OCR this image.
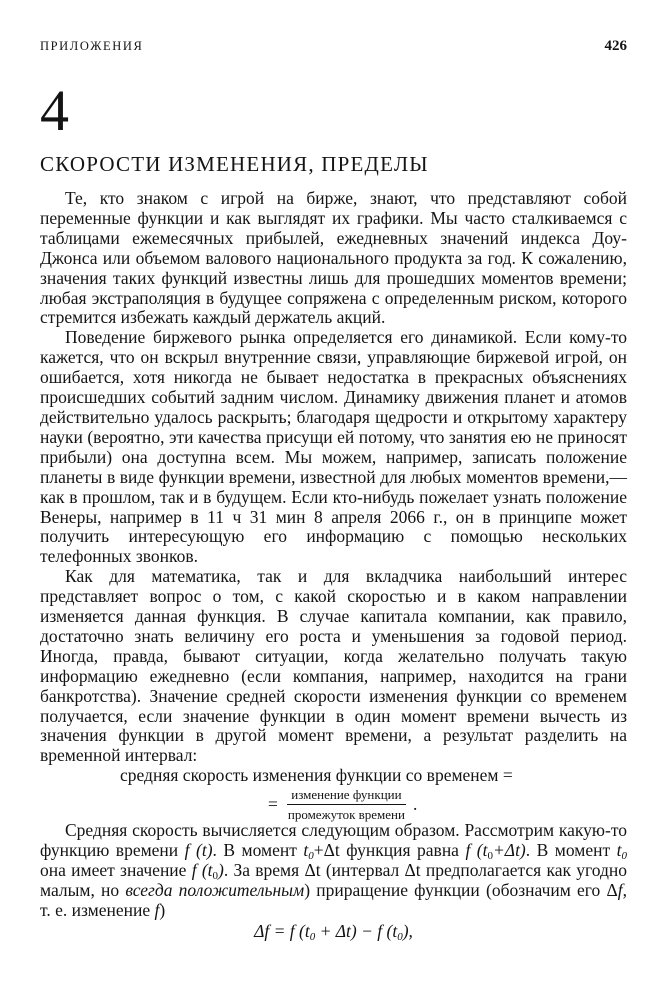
ПРИЛОЖЕНИЯ	426
4
СКОРОСТИ ИЗМЕНЕНИЯ, ПРЕДЕЛЫ

Те, кто знаком с игрой на бирже, знают, что представляют собой переменные функции и как выглядят их графики. Мы часто сталкиваемся с таблицами ежемесячных прибылей, ежедневных значений индекса Доу-Джонса или объемом валового национального продукта за год. К сожалению, значения таких функций известны лишь для прошедших моментов времени; любая экстраполяция в будущее сопряжена с определенным риском, которого стремится избежать каждый держатель акций.

Поведение биржевого рынка определяется его динамикой. Если кому-то кажется, что он вскрыл внутренние связи, управляющие биржевой игрой, он ошибается, хотя никогда не бывает недостатка в прекрасных объяснениях происшедших событий задним числом. Динамику движения планет и атомов действительно удалось раскрыть; благодаря щедрости и открытому характеру науки (вероятно, эти качества присущи ей потому, что занятия ею не приносят прибыли) она доступна всем. Мы можем, например, записать положение планеты в виде функции времени, известной для любых моментов времени,— как в прошлом, так и в будущем. Если кто-нибудь пожелает узнать положение Венеры, например в 11 ч 31 мин 8 апреля 2066 г., он в принципе может получить интересующую его информацию с помощью нескольких телефонных звонков.

Как для математика, так и для вкладчика наибольший интерес представляет вопрос о том, с какой скоростью и в каком направлении изменяется данная функция. В случае капитала компании, как правило, достаточно знать величину его роста и уменьшения за годовой период. Иногда, правда, бывают ситуации, когда желательно получать такую информацию ежедневно (если компания, например, находится на грани банкротства). Значение средней скорости изменения функции со временем получается, если значение функции в один момент времени вычесть из значения функции в другой момент времени, а результат разделить на временной интервал:

средняя скорость изменения функции со временем =
= $\frac{\text{изменение функции}}{\text{промежуток времени}}$ .

Средняя скорость вычисляется следующим образом. Рассмотрим какую-то функцию времени f (t). В момент $t_0+\Delta t$ функция равна f $(t_0+\Delta t)$. В момент $t_0$ она имеет значение f $(t_0)$. За время Δt (интервал Δt предполагается как угодно малым, но всегда положительным) приращение функции (обозначим его Δf, т. е. изменение f)

Δf = f $(t_0 + \Delta t) - f$ $(t_0)$,
